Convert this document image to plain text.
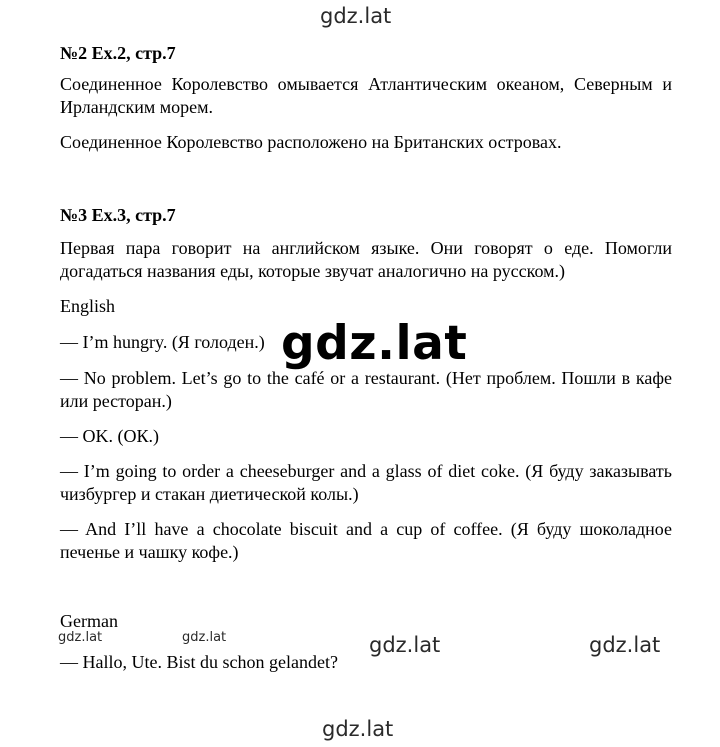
gdz.lat
№2 Ex.2, стр.7

Соединенное Королевство омывается Атлантическим океаном, Северным и Ирландским морем.

Соединенное Королевство расположено на Британских островах.

№3 Ex.3, стр.7

Первая пара говорит на английском языке. Они говорят о еде. Помогли догадаться названия еды, которые звучат аналогично на русском.)

English

— I’m hungry. (Я голоден.)

— No problem. Let’s go to the café or a restaurant. (Нет проблем. Пошли в кафе или ресторан.)

— OK. (ОК.)

— I’m going to order a cheeseburger and a glass of diet coke. (Я буду заказывать чизбургер и стакан диетической колы.)

— And I’ll have a chocolate biscuit and a cup of coffee. (Я буду шоколадное печенье и чашку кофе.)

German

— Hallo, Ute. Bist du schon gelandet?

gdz.lat
gdz.lat	gdz.lat
gdz.lat	gdz.lat
gdz.lat
